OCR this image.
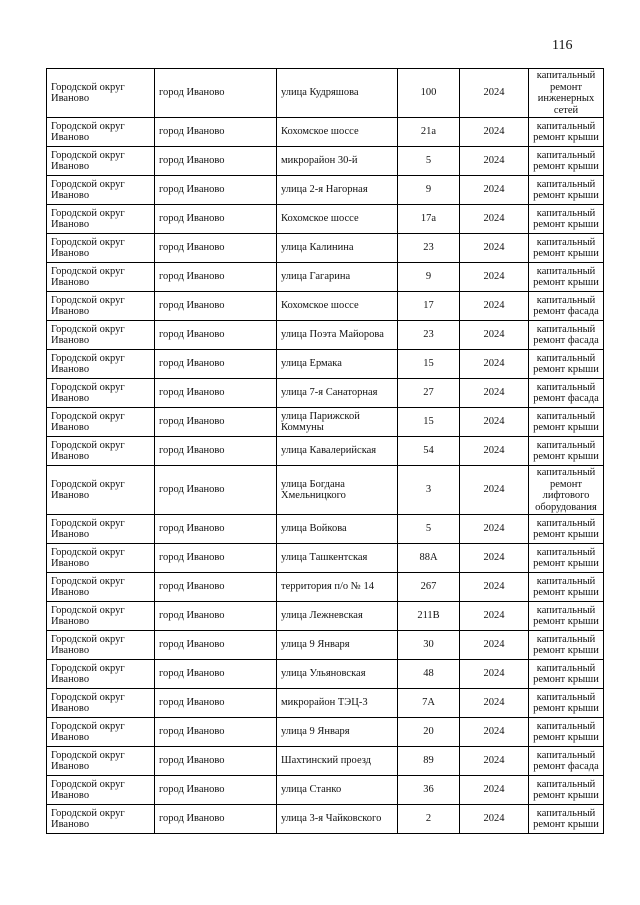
116
Городской округ Иваново	город Иваново	улица Кудряшова	100	2024	капитальный ремонт инженерных сетей
Городской округ Иваново	город Иваново	Кохомское шоссе	21а	2024	капитальный ремонт крыши
Городской округ Иваново	город Иваново	микрорайон 30-й	5	2024	капитальный ремонт крыши
Городской округ Иваново	город Иваново	улица 2-я Нагорная	9	2024	капитальный ремонт крыши
Городской округ Иваново	город Иваново	Кохомское шоссе	17а	2024	капитальный ремонт крыши
Городской округ Иваново	город Иваново	улица Калинина	23	2024	капитальный ремонт крыши
Городской округ Иваново	город Иваново	улица Гагарина	9	2024	капитальный ремонт крыши
Городской округ Иваново	город Иваново	Кохомское шоссе	17	2024	капитальный ремонт фасада
Городской округ Иваново	город Иваново	улица Поэта Майорова	23	2024	капитальный ремонт фасада
Городской округ Иваново	город Иваново	улица Ермака	15	2024	капитальный ремонт крыши
Городской округ Иваново	город Иваново	улица 7-я Санаторная	27	2024	капитальный ремонт фасада
Городской округ Иваново	город Иваново	улица Парижской Коммуны	15	2024	капитальный ремонт крыши
Городской округ Иваново	город Иваново	улица Кавалерийская	54	2024	капитальный ремонт крыши
Городской округ Иваново	город Иваново	улица Богдана Хмельницкого	3	2024	капитальный ремонт лифтового оборудования
Городской округ Иваново	город Иваново	улица Войкова	5	2024	капитальный ремонт крыши
Городской округ Иваново	город Иваново	улица Ташкентская	88А	2024	капитальный ремонт крыши
Городской округ Иваново	город Иваново	территория п/о № 14	267	2024	капитальный ремонт крыши
Городской округ Иваново	город Иваново	улица Лежневская	211В	2024	капитальный ремонт крыши
Городской округ Иваново	город Иваново	улица 9 Января	30	2024	капитальный ремонт крыши
Городской округ Иваново	город Иваново	улица Ульяновская	48	2024	капитальный ремонт крыши
Городской округ Иваново	город Иваново	микрорайон ТЭЦ-3	7А	2024	капитальный ремонт крыши
Городской округ Иваново	город Иваново	улица 9 Января	20	2024	капитальный ремонт крыши
Городской округ Иваново	город Иваново	Шахтинский проезд	89	2024	капитальный ремонт фасада
Городской округ Иваново	город Иваново	улица Станко	36	2024	капитальный ремонт крыши
Городской округ Иваново	город Иваново	улица 3-я Чайковского	2	2024	капитальный ремонт крыши
